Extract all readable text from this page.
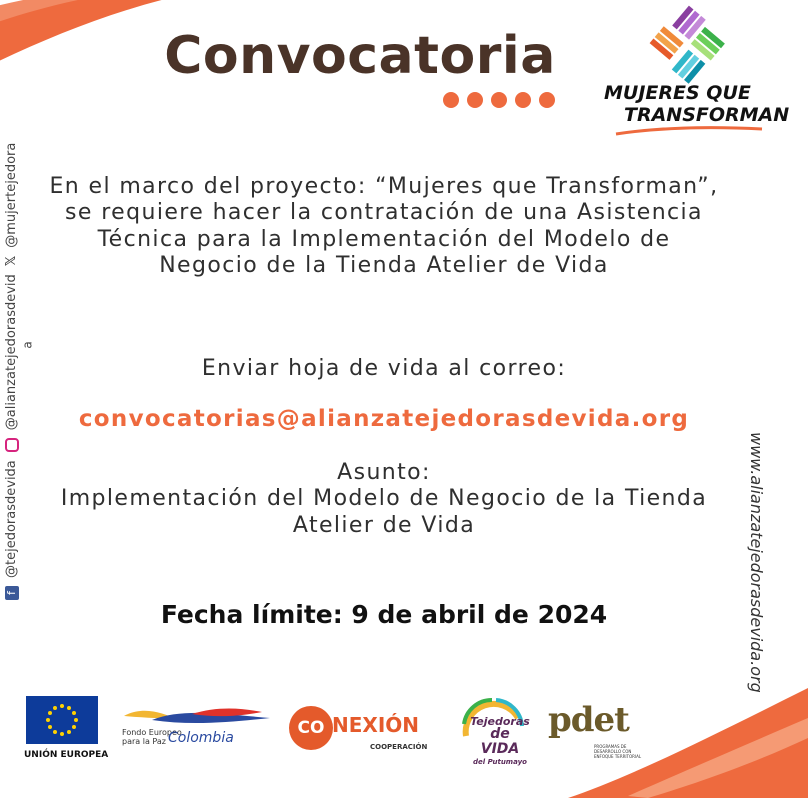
Convocatoria
MUJERES QUE
TRANSFORMAN
f
@tejedorasdevida
@alianzatejedorasdevid
𝕏
@mujertejedora
a
www.alianzatejedorasdevida.org
En el marco del proyecto: “Mujeres que Transforman”, se requiere hacer la contratación de una Asistencia Técnica para la Implementación del Modelo de Negocio de la Tienda Atelier de Vida
Enviar hoja de vida al correo:
convocatorias@alianzatejedorasdevida.org
Asunto:
Implementación del Modelo de Negocio de la Tienda Atelier de Vida
Fecha límite: 9 de abril de 2024
UNIÓN EUROPEA
Fondo Europeo
para la Paz Colombia	CO NEXIÓN
COOPERACIÓN
Tejedoras
de VIDA
del Putumayo
pdet
PROGRAMAS DE DESARROLLO CON ENFOQUE TERRITORIAL
